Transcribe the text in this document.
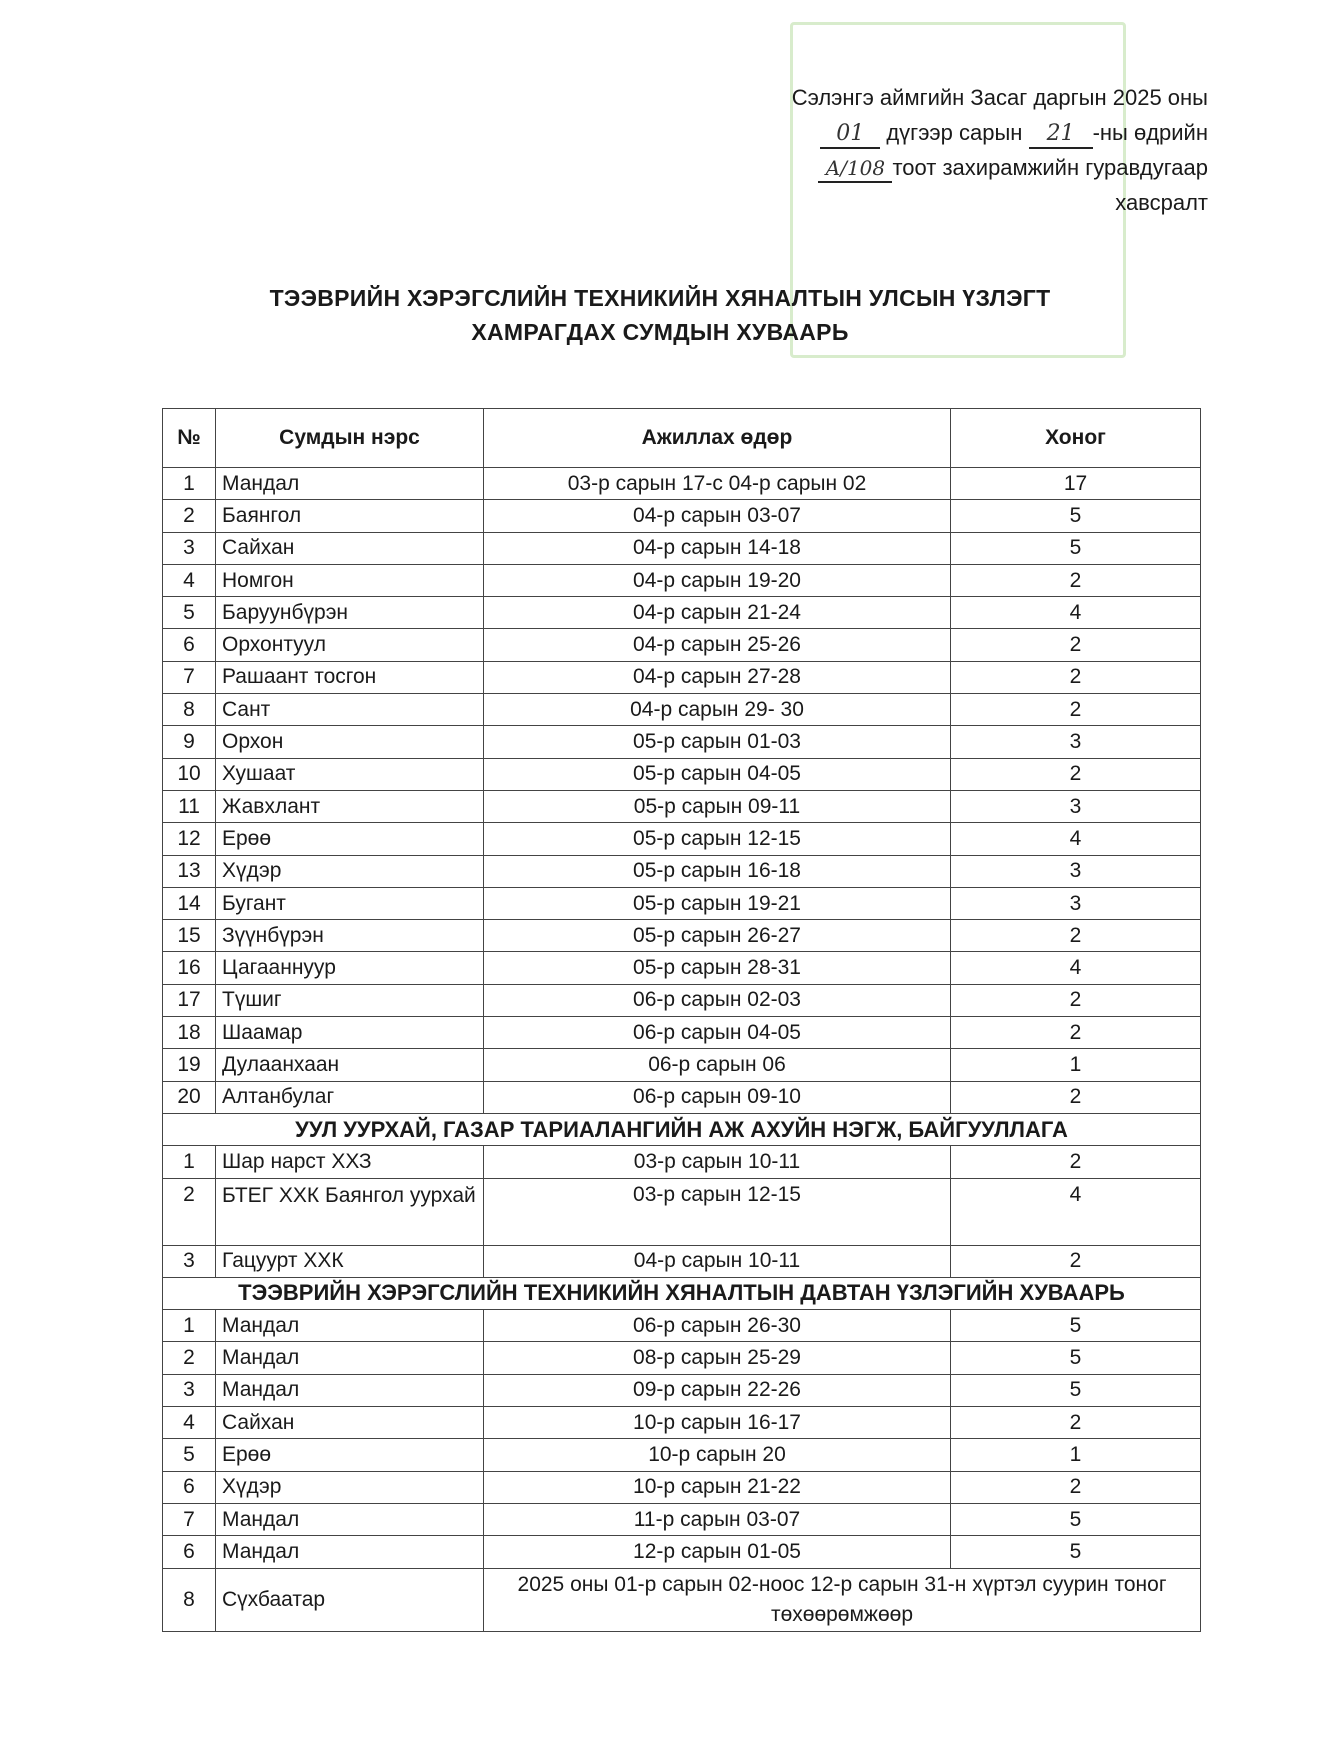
Сэлэнгэ аймгийн Засаг даргын 2025 оны
01 дүгээр сарын 21 -ны өдрийн
A/108 тоот захирамжийн гуравдугаар
хавсралт
ТЭЭВРИЙН ХЭРЭГСЛИЙН ТЕХНИКИЙН ХЯНАЛТЫН УЛСЫН ҮЗЛЭГТ
ХАМРАГДАХ СУМДЫН ХУВААРЬ
№	Сумдын нэрс	Ажиллах өдөр	Хоног
1	Мандал	03-р сарын 17-с 04-р сарын 02	17
2	Баянгол	04-р сарын 03-07	5
3	Сайхан	04-р сарын 14-18	5
4	Номгон	04-р сарын 19-20	2
5	Баруунбүрэн	04-р сарын 21-24	4
6	Орхонтуул	04-р сарын 25-26	2
7	Рашаант тосгон	04-р сарын 27-28	2
8	Сант	04-р сарын 29- 30	2
9	Орхон	05-р сарын 01-03	3
10	Хушаат	05-р сарын 04-05	2
11	Жавхлант	05-р сарын 09-11	3
12	Ерөө	05-р сарын 12-15	4
13	Хүдэр	05-р сарын 16-18	3
14	Бугант	05-р сарын 19-21	3
15	Зүүнбүрэн	05-р сарын 26-27	2
16	Цагааннуур	05-р сарын 28-31	4
17	Түшиг	06-р сарын 02-03	2
18	Шаамар	06-р сарын 04-05	2
19	Дулаанхаан	06-р сарын 06	1
20	Алтанбулаг	06-р сарын 09-10	2
УУЛ УУРХАЙ, ГАЗАР ТАРИАЛАНГИЙН АЖ АХУЙН НЭГЖ, БАЙГУУЛЛАГА			
1	Шар нарст ХХЗ	03-р сарын 10-11	2
2	БТЕГ ХХК Баянгол уурхай	03-р сарын 12-15	4
3	Гацуурт ХХК	04-р сарын 10-11	2
ТЭЭВРИЙН ХЭРЭГСЛИЙН ТЕХНИКИЙН ХЯНАЛТЫН ДАВТАН ҮЗЛЭГИЙН ХУВААРЬ			
1	Мандал	06-р сарын 26-30	5
2	Мандал	08-р сарын 25-29	5
3	Мандал	09-р сарын 22-26	5
4	Сайхан	10-р сарын 16-17	2
5	Ерөө	10-р сарын 20	1
6	Хүдэр	10-р сарын 21-22	2
7	Мандал	11-р сарын 03-07	5
6	Мандал	12-р сарын 01-05	5
8	Сүхбаатар	2025 оны 01-р сарын 02-ноос 12-р сарын 31-н хүртэл суурин тоног төхөөрөмжөөр	
